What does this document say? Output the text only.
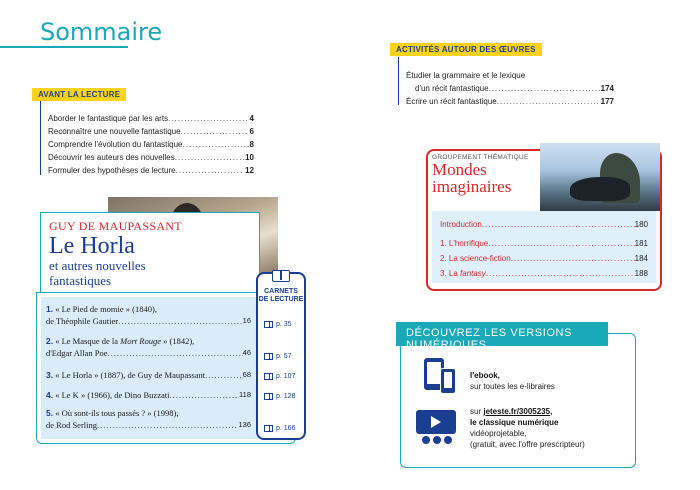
Sommaire
AVANT LA LECTURE
Aborder le fantastique par les arts .....	4
Reconnaître une nouvelle fantastique .....	6
Comprendre l'évolution du fantastique .....	8
Découvrir les auteurs des nouvelles .....	10
Formuler des hypothèses de lecture .....	12
ACTIVITÉS AUTOUR DES ŒUVRES
Étudier la grammaire et le lexique
d'un récit fantastique .....	174
Écrire un récit fantastique .....	177
GUY DE MAUPASSANT
Le Horla
et autres nouvelles
fantastiques
CARNETS
DE LECTURE
p. 35
p. 57
p. 107
p. 128
p. 166
1. « Le Pied de momie » (1840),
de Théophile Gautier .....	16
2. « Le Masque de la Mort Rouge » (1842),
d'Edgar Allan Poe .....	46
3.
« Le Horla » (1887), de Guy de Maupassant .....	68
4.
« Le K » (1966), de Dino Buzzati .....	118
5. « Où sont-ils tous passés ? » (1998),
de Rod Serling .....	136
GROUPEMENT THÉMATIQUE
Mondes
imaginaires
Introduction .....	180
1. L'horrifique .....	181
2. La science-fiction .....	184
3. La fantasy .....	188
DÉCOUVREZ LES VERSIONS NUMÉRIQUES
l'ebook,
sur toutes les e-libraires
sur jeteste.fr/3005235,
le classique numérique
vidéoprojetable,
(gratuit, avec l'offre prescripteur)
